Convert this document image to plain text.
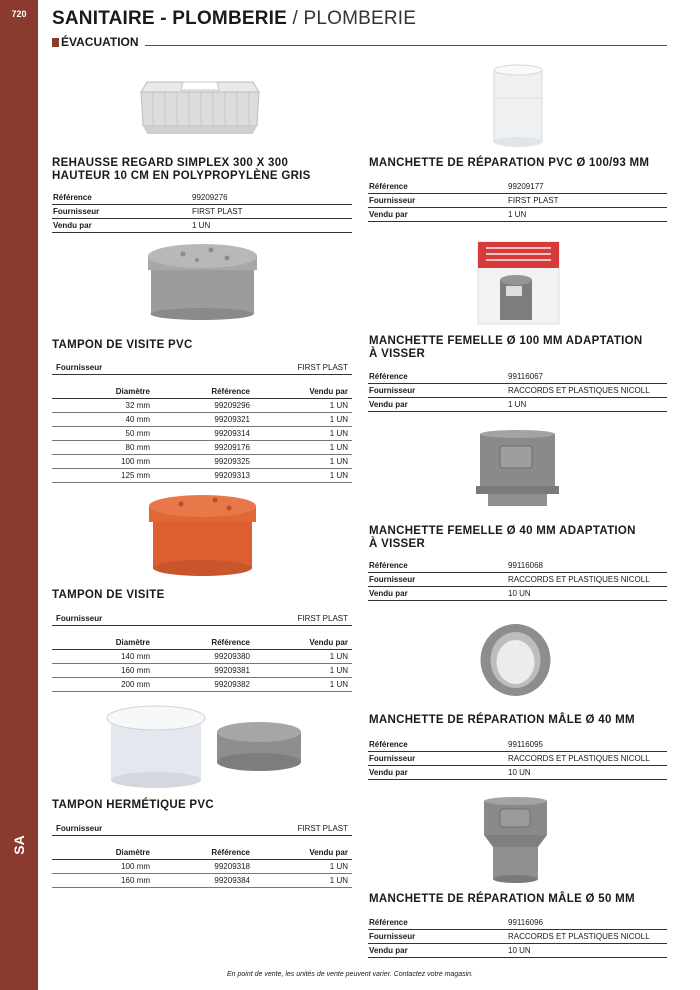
720
SA
SANITAIRE - PLOMBERIE / PLOMBERIE
ÉVACUATION
REHAUSSE REGARD SIMPLEX 300 X 300
HAUTEUR 10 CM EN POLYPROPYLÈNE GRIS
Référence	99209276
Fournisseur	FIRST PLAST
Vendu par	1 UN
TAMPON DE VISITE PVC
Fournisseur	FIRST PLAST
Diamètre	Référence	Vendu par
32 mm	99209296	1 UN
40 mm	99209321	1 UN
50 mm	99209314	1 UN
80 mm	99209176	1 UN
100 mm	99209325	1 UN
125 mm	99209313	1 UN
TAMPON DE VISITE
Fournisseur	FIRST PLAST
Diamètre	Référence	Vendu par
140 mm	99209380	1 UN
160 mm	99209381	1 UN
200 mm	99209382	1 UN
TAMPON HERMÉTIQUE PVC
Fournisseur	FIRST PLAST
Diamètre	Référence	Vendu par
100 mm	99209318	1 UN
160 mm	99209384	1 UN
MANCHETTE DE RÉPARATION PVC Ø 100/93 MM
Référence	99209177
Fournisseur	FIRST PLAST
Vendu par	1 UN
MANCHETTE FEMELLE Ø 100 MM ADAPTATION
À VISSER
Référence	99116067
Fournisseur	RACCORDS ET PLASTIQUES NICOLL
Vendu par	1 UN
MANCHETTE FEMELLE Ø 40 MM ADAPTATION
À VISSER
Référence	99116068
Fournisseur	RACCORDS ET PLASTIQUES NICOLL
Vendu par	10 UN
MANCHETTE DE RÉPARATION MÂLE Ø 40 MM
Référence	99116095
Fournisseur	RACCORDS ET PLASTIQUES NICOLL
Vendu par	10 UN
MANCHETTE DE RÉPARATION MÂLE Ø 50 MM
Référence	99116096
Fournisseur	RACCORDS ET PLASTIQUES NICOLL
Vendu par	10 UN
En point de vente, les unités de vente peuvent varier. Contactez votre magasin.
